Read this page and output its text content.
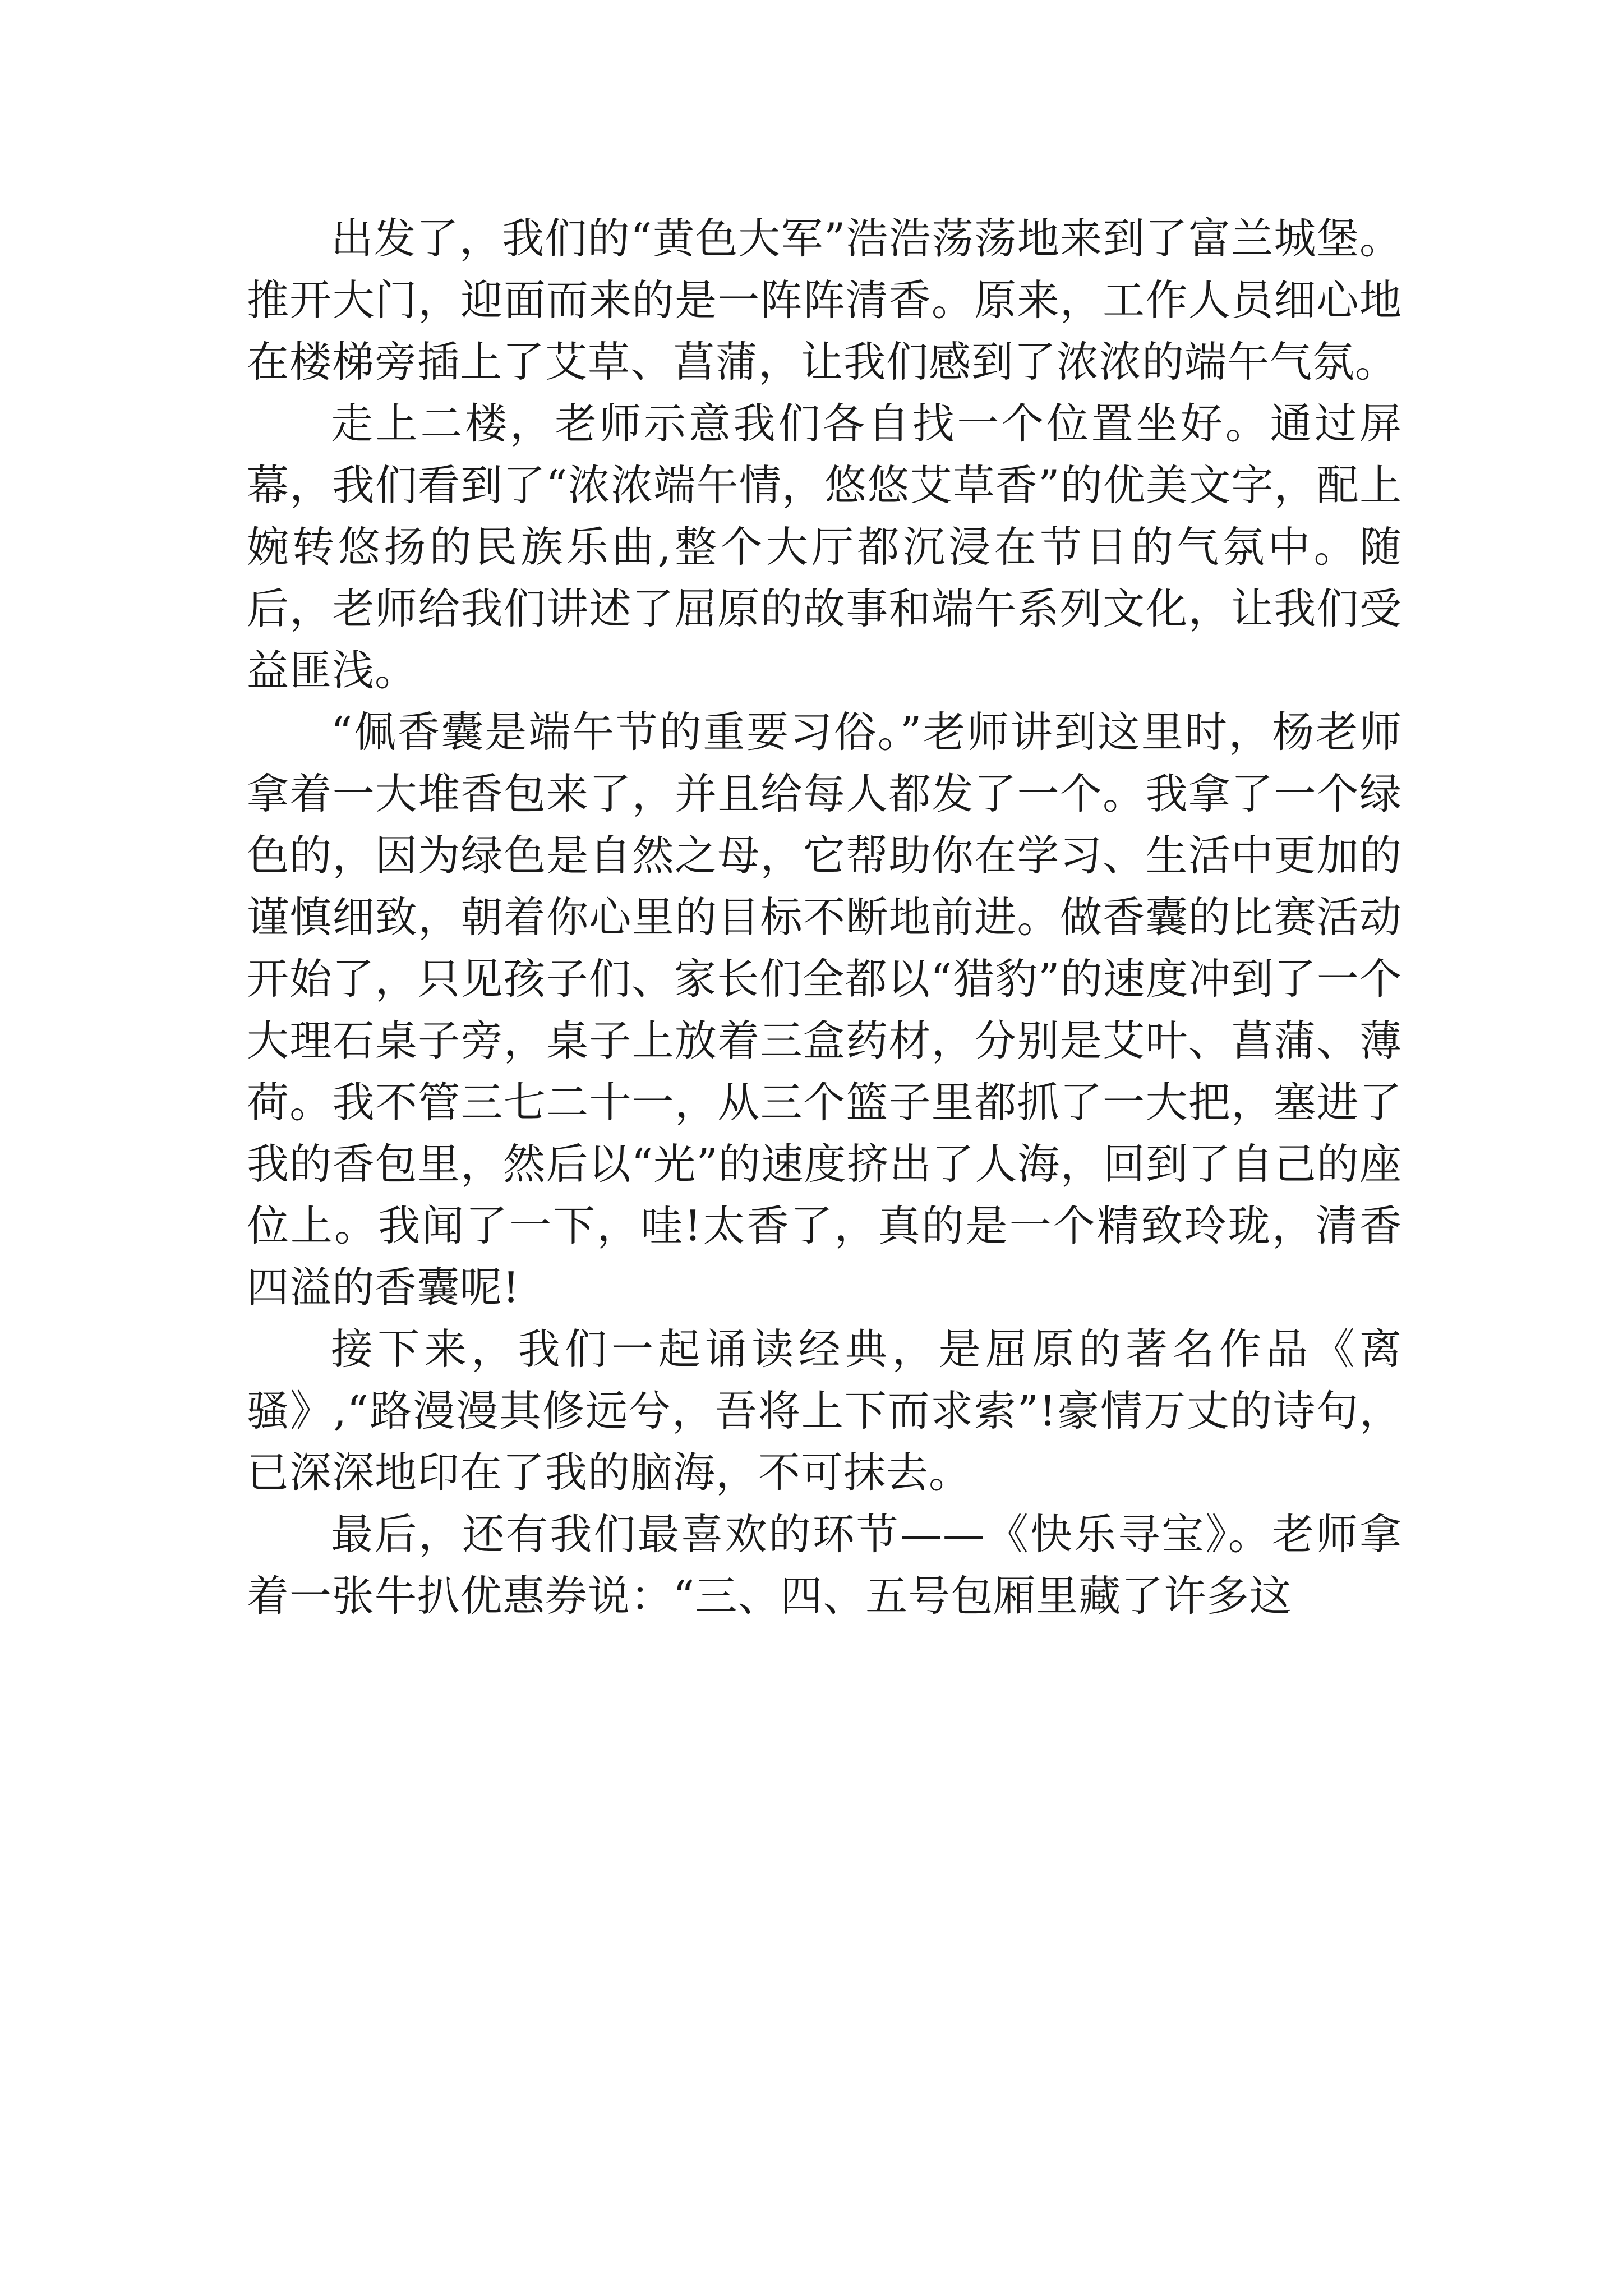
出发了，我们的“黄色大军”浩浩荡荡地来到了富兰城堡。推开大门，迎面而来的是一阵阵清香。原来，工作人员细心地在楼梯旁插上了艾草、菖蒲，让我们感到了浓浓的端午气氛。

走上二楼，老师示意我们各自找一个位置坐好。通过屏幕，我们看到了“浓浓端午情，悠悠艾草香”的优美文字，配上婉转悠扬的民族乐曲,整个大厅都沉浸在节日的气氛中。随后，老师给我们讲述了屈原的故事和端午系列文化，让我们受益匪浅。

“佩香囊是端午节的重要习俗。”老师讲到这里时，杨老师拿着一大堆香包来了，并且给每人都发了一个。我拿了一个绿色的，因为绿色是自然之母，它帮助你在学习、生活中更加的谨慎细致，朝着你心里的目标不断地前进。做香囊的比赛活动开始了，只见孩子们、家长们全都以“猎豹”的速度冲到了一个大理石桌子旁，桌子上放着三盒药材，分别是艾叶、菖蒲、薄荷。我不管三七二十一，从三个篮子里都抓了一大把，塞进了我的香包里，然后以“光”的速度挤出了人海，回到了自己的座位上。我闻了一下，哇!太香了，真的是一个精致玲珑，清香四溢的香囊呢!

接下来，我们一起诵读经典，是屈原的著名作品《离骚》,“路漫漫其修远兮，吾将上下而求索”!豪情万丈的诗句，已深深地印在了我的脑海，不可抹去。

最后，还有我们最喜欢的环节——《快乐寻宝》。老师拿着一张牛扒优惠券说：“三、四、五号包厢里藏了许多这
